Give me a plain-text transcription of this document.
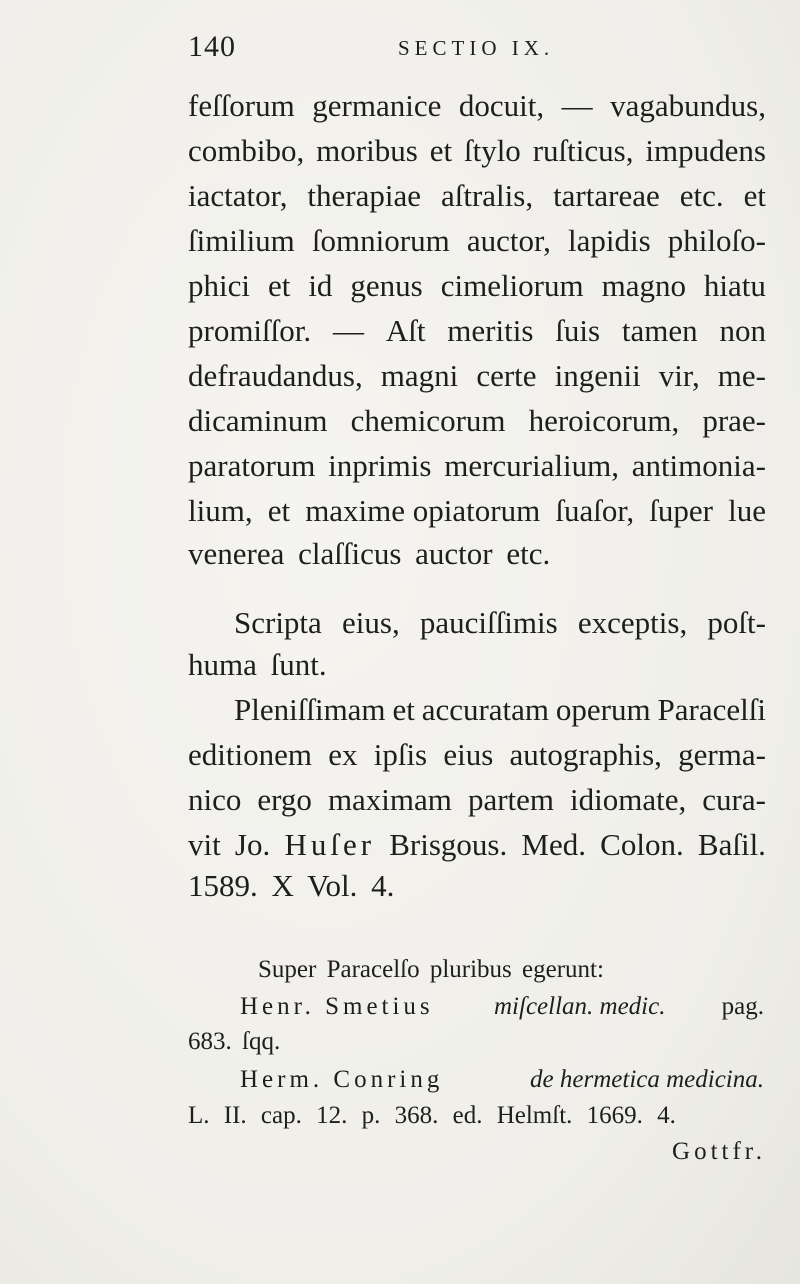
140	SECTIO IX.
feſſorum germanice docuit, — vagabundus,
combibo, moribus et ſtylo ruſticus, impudens
iactator, therapiae aſtralis, tartareae etc. et
ſimilium ſomniorum auctor, lapidis philoſo-
phici et id genus cimeliorum magno hiatu
promiſſor. — Aſt meritis ſuis tamen non
defraudandus, magni certe ingenii vir, me-
dicaminum chemicorum heroicorum, prae-
paratorum inprimis mercurialium, antimonia-
lium, et maxime opiatorum ſuaſor, ſuper lue
venerea claſſicus auctor etc.
Scripta eius, pauciſſimis exceptis, poſt-
huma ſunt.
Pleniſſimam et accuratam operum Paracelſi
editionem ex ipſis eius autographis, germa-
nico ergo maximam partem idiomate, cura-
vit Jo. Huſer Brisgous. Med. Colon. Baſil.
1589. X Vol. 4.
Super Paracelſo pluribus egerunt:
Henr. Smetius miſcellan. medic. pag.
683. ſqq.
Herm. Conring	de hermetica medicina.
L. II. cap. 12. p. 368. ed. Helmſt. 1669. 4.
Gottfr.
